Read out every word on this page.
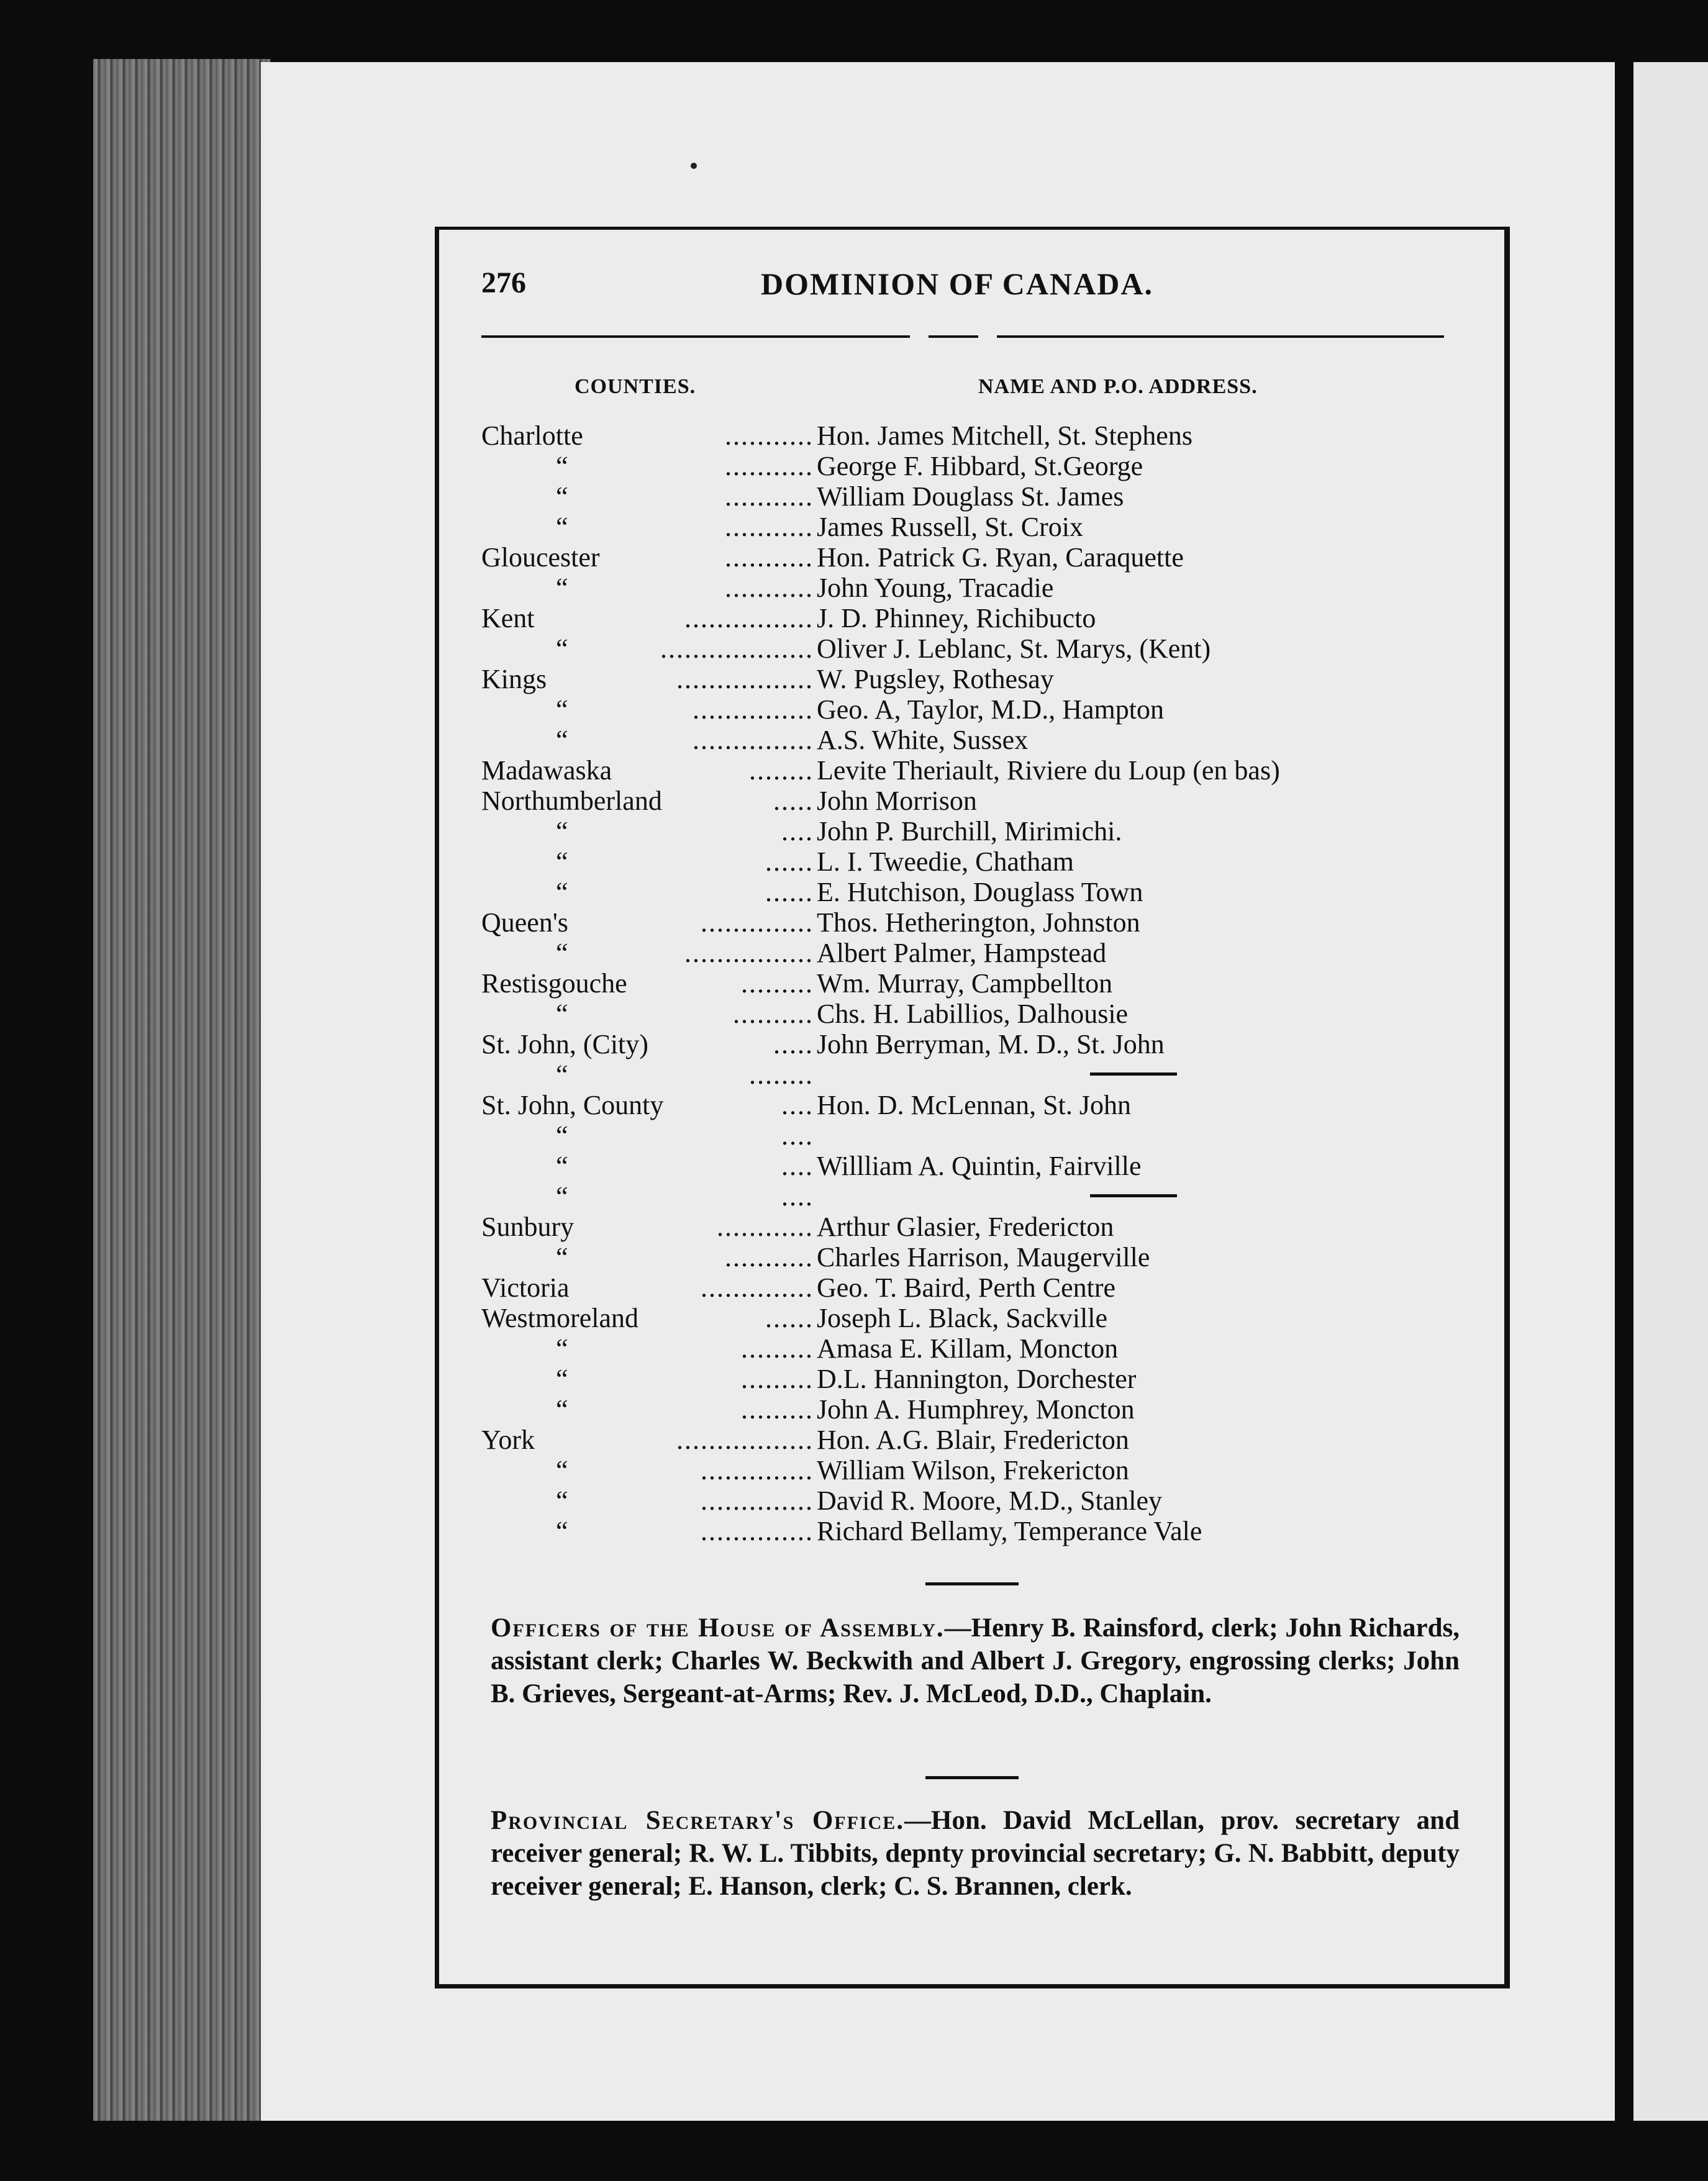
276	DOMINION OF CANADA.
COUNTIES.	NAME AND P.O. ADDRESS.
Charlotte	........... Hon. James Mitchell, St. Stephens
“	........... George F. Hibbard, St.George
“	........... William Douglass St. James
“	........... James Russell, St. Croix
Gloucester	........... Hon. Patrick G. Ryan, Caraquette
“	........... John Young, Tracadie
Kent	................ J. D. Phinney, Richibucto
“	................... Oliver J. Leblanc, St. Marys, (Kent)
Kings	................. W. Pugsley, Rothesay
“	............... Geo. A, Taylor, M.D., Hampton
“	............... A.S. White, Sussex
Madawaska	........ Levite Theriault, Riviere du Loup (en bas)
Northumberland	..... John Morrison
“	.... John P. Burchill, Mirimichi.
“	...... L. I. Tweedie, Chatham
“	...... E. Hutchison, Douglass Town
Queen's	.............. Thos. Hetherington, Johnston
“	................ Albert Palmer, Hampstead
Restisgouche	......... Wm. Murray, Campbellton
“	.......... Chs. H. Labillios, Dalhousie
St. John, (City)	..... John Berryman, M. D., St. John
“	........
St. John, County	.... Hon. D. McLennan, St. John
“	....
“	.... Willliam A. Quintin, Fairville
“	....
Sunbury	............ Arthur Glasier, Fredericton
“	........... Charles Harrison, Maugerville
Victoria	.............. Geo. T. Baird, Perth Centre
Westmoreland	...... Joseph L. Black, Sackville
“	......... Amasa E. Killam, Moncton
“	......... D.L. Hannington, Dorchester
“	......... John A. Humphrey, Moncton
York	................. Hon. A.G. Blair, Fredericton
“	.............. William Wilson, Frekericton
“	.............. David R. Moore, M.D., Stanley
“	.............. Richard Bellamy, Temperance Vale
Officers of the House of Assembly.—Henry B. Rainsford, clerk; John Richards, assistant clerk; Charles W. Beckwith and Albert J. Gregory, engrossing clerks; John B. Grieves, Sergeant-at-Arms; Rev. J. McLeod, D.D., Chaplain.
Provincial Secretary's Office.—Hon. David McLellan, prov. secretary and receiver general; R. W. L. Tibbits, depnty provincial secretary; G. N. Babbitt, deputy receiver general; E. Hanson, clerk; C. S. Brannen, clerk.
